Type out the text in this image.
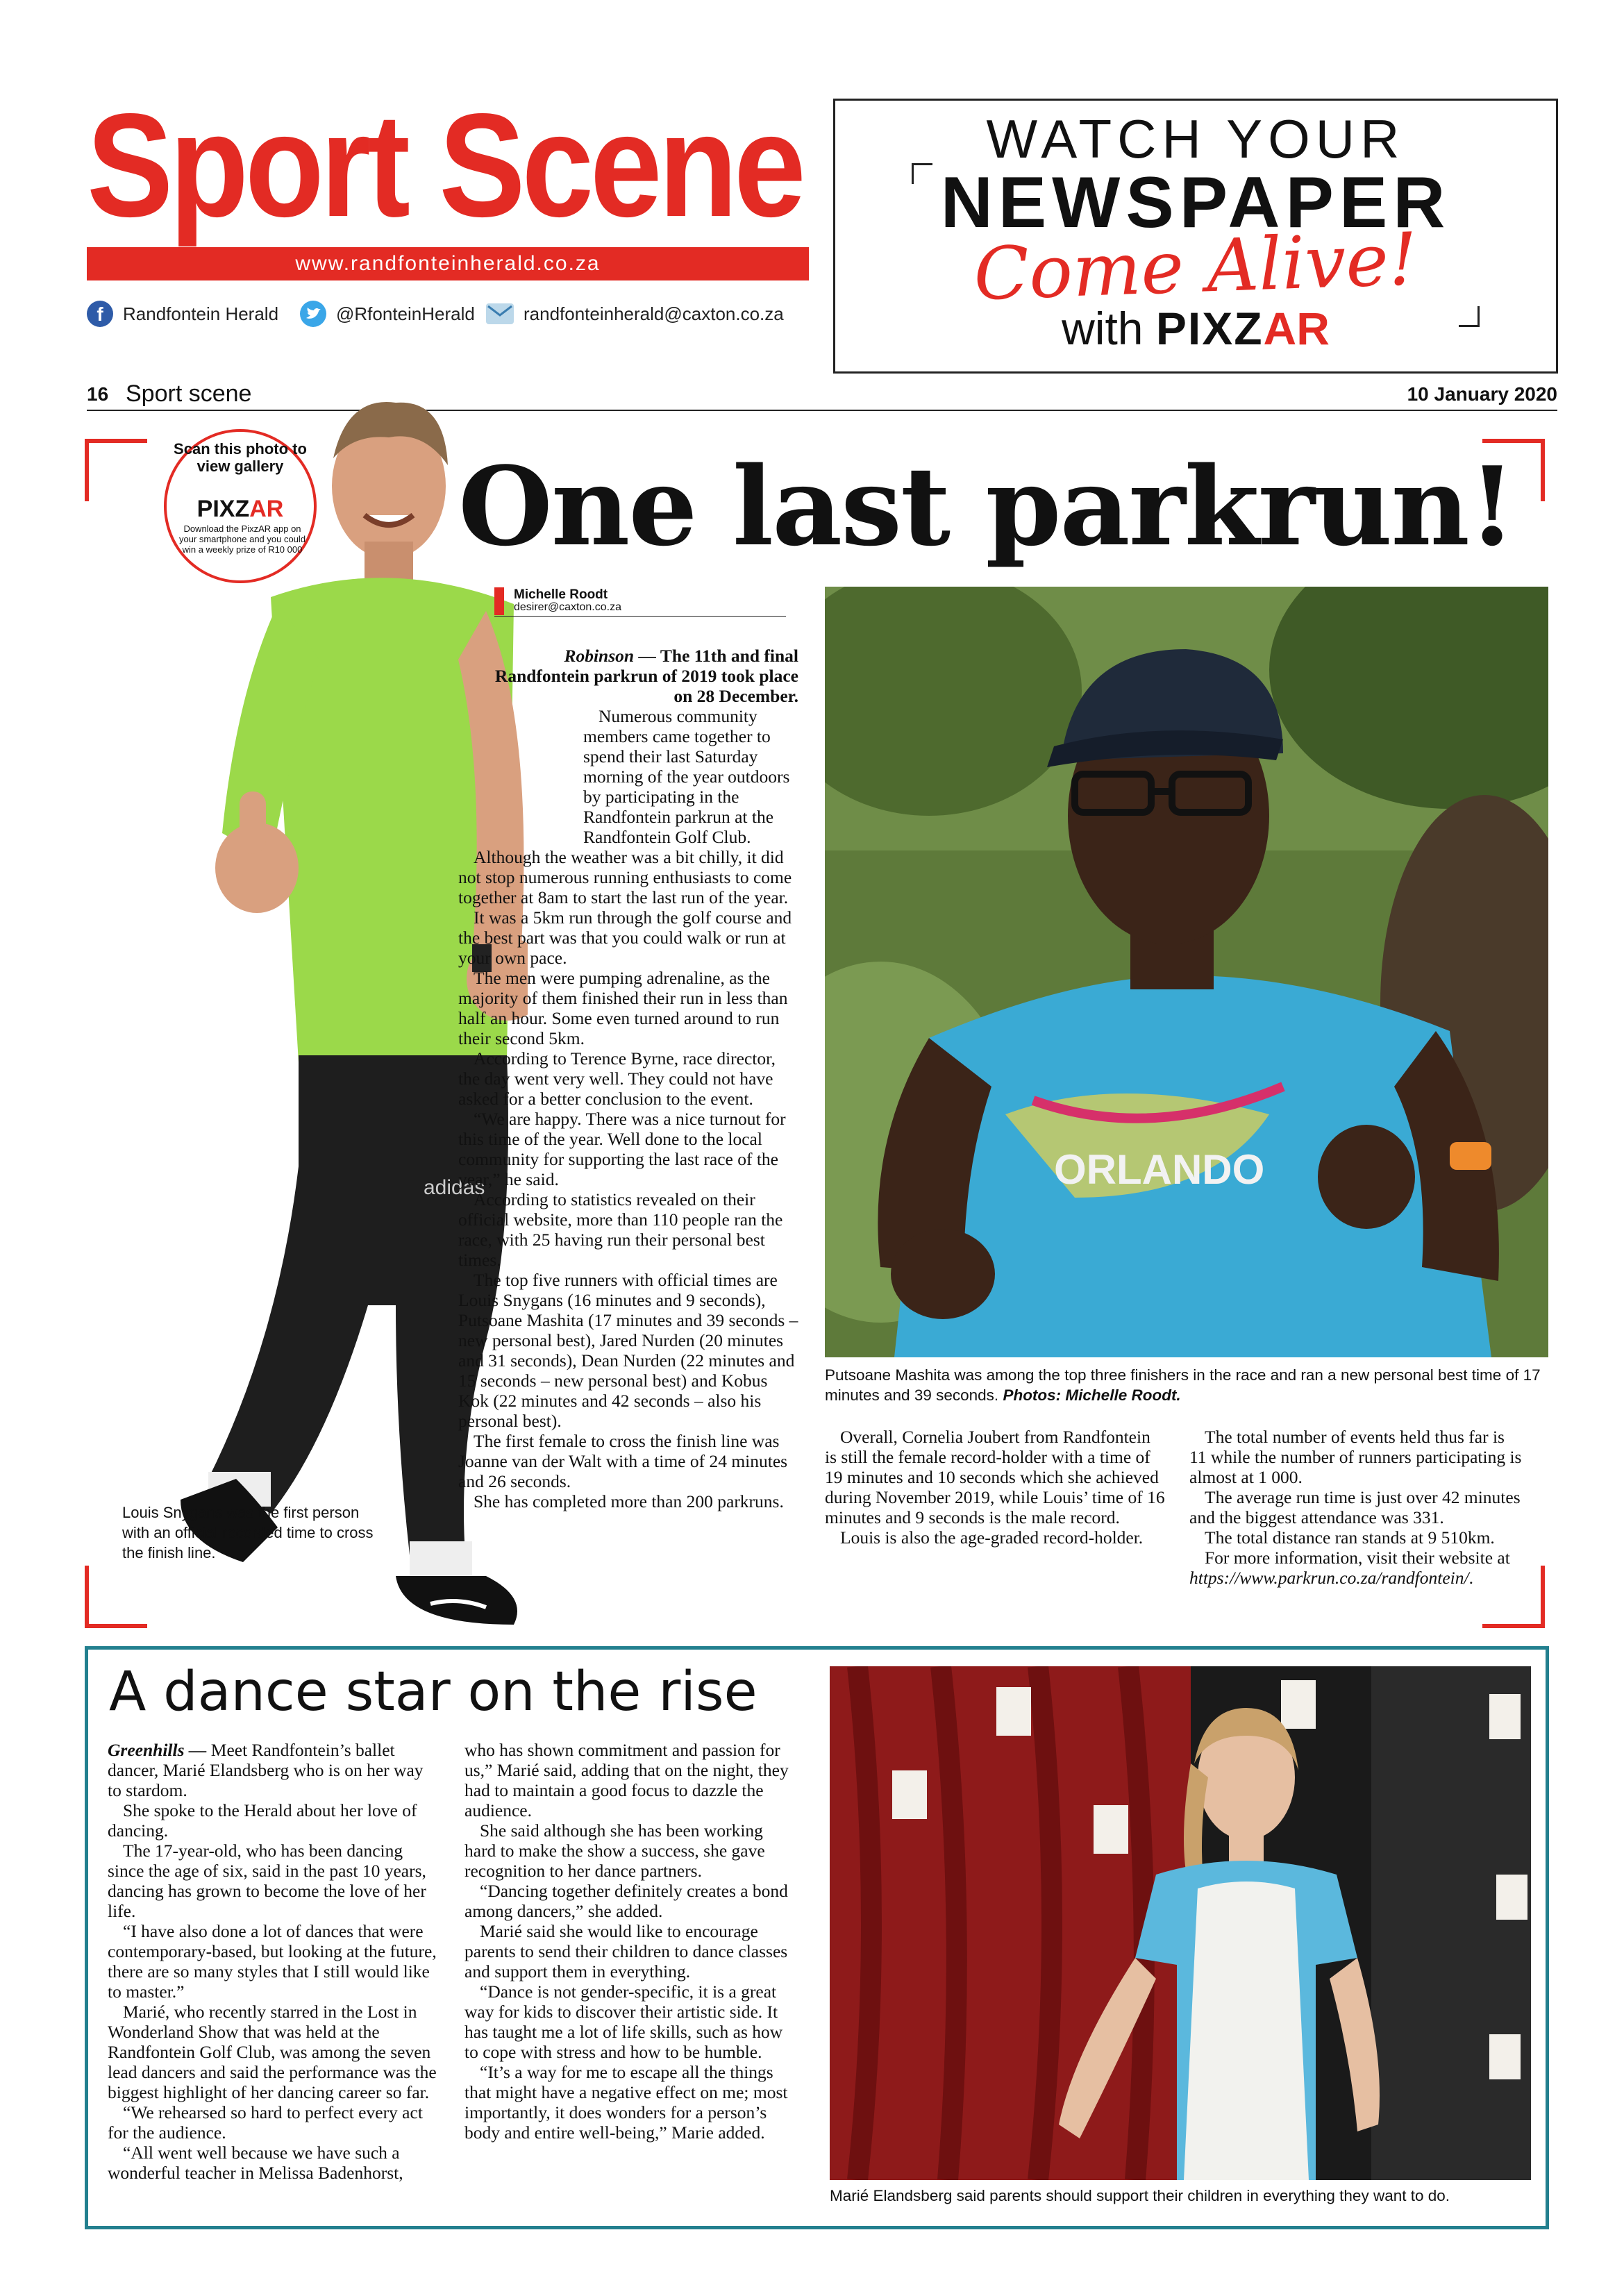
Sport Scene
www.randfonteinherald.co.za
f	Randfontein Herald	@RfonteinHerald	randfonteinherald@caxton.co.za
WATCH YOUR
NEWSPAPER
Come Alive!
with PIXZAR
16 Sport scene	10 January 2020
adidas
Scan this photo to view gallery
PIXZAR
Download the PixzAR app on your smartphone and you could win a weekly prize of R10 000
Louis Snygans was the first person with an official recorded time to cross the finish line.
One last parkrun!
Michelle Roodt
desirer@caxton.co.za

Robinson — The 11th and final Randfontein parkrun of 2019 took place on 28 December.

Numerous community members came together to spend their last Saturday morning of the year outdoors by participating in the Randfontein parkrun at the Randfontein Golf Club.

Although the weather was a bit chilly, it did not stop numerous running enthusiasts to come together at 8am to start the last run of the year.

It was a 5km run through the golf course and the best part was that you could walk or run at your own pace.

The men were pumping adrenaline, as the majority of them finished their run in less than half an hour. Some even turned around to run their second 5km.

According to Terence Byrne, race director, the day went very well. They could not have asked for a better conclusion to the event.

“We are happy. There was a nice turnout for this time of the year. Well done to the local community for supporting the last race of the year,” he said.

According to statistics revealed on their official website, more than 110 people ran the race, with 25 having run their personal best times.

The top five runners with official times are Louis Snygans (16 minutes and 9 seconds), Putsoane Mashita (17 minutes and 39 seconds – new personal best), Jared Nurden (20 minutes and 31 seconds), Dean Nurden (22 minutes and 15 seconds – new personal best) and Kobus Kok (22 minutes and 42 seconds – also his personal best).

The first female to cross the finish line was Joanne van der Walt with a time of 24 minutes and 26 seconds.

She has completed more than 200 parkruns.

ORLANDO
Putsoane Mashita was among the top three finishers in the race and ran a new personal best time of 17 minutes and 39 seconds. Photos: Michelle Roodt.

Overall, Cornelia Joubert from Randfontein is still the female record-holder with a time of 19 minutes and 10 seconds which she achieved during November 2019, while Louis’ time of 16 minutes and 9 seconds is the male record.

Louis is also the age-graded record-holder.

The total number of events held thus far is 11 while the number of runners participating is almost at 1 000.

The average run time is just over 42 minutes and the biggest attendance was 331.

The total distance ran stands at 9 510km.

For more information, visit their website at https://www.parkrun.co.za/randfontein/.

A dance star on the rise

Greenhills — Meet Randfontein’s ballet dancer, Marié Elandsberg who is on her way to stardom.

She spoke to the Herald about her love of dancing.

The 17-year-old, who has been dancing since the age of six, said in the past 10 years, dancing has grown to become the love of her life.

“I have also done a lot of dances that were contemporary-based, but looking at the future, there are so many styles that I still would like to master.”

Marié, who recently starred in the Lost in Wonderland Show that was held at the Randfontein Golf Club, was among the seven lead dancers and said the performance was the biggest highlight of her dancing career so far.

“We rehearsed so hard to perfect every act for the audience.

“All went well because we have such a wonderful teacher in Melissa Badenhorst,

who has shown commitment and passion for us,” Marié said, adding that on the night, they had to maintain a good focus to dazzle the audience.

She said although she has been working hard to make the show a success, she gave recognition to her dance partners.

“Dancing together definitely creates a bond among dancers,” she added.

Marié said she would like to encourage parents to send their children to dance classes and support them in everything.

“Dance is not gender-specific, it is a great way for kids to discover their artistic side. It has taught me a lot of life skills, such as how to cope with stress and how to be humble.

“It’s a way for me to escape all the things that might have a negative effect on me; most importantly, it does wonders for a person’s body and entire well-being,” Marie added.

Marié Elandsberg said parents should support their children in everything they want to do.
